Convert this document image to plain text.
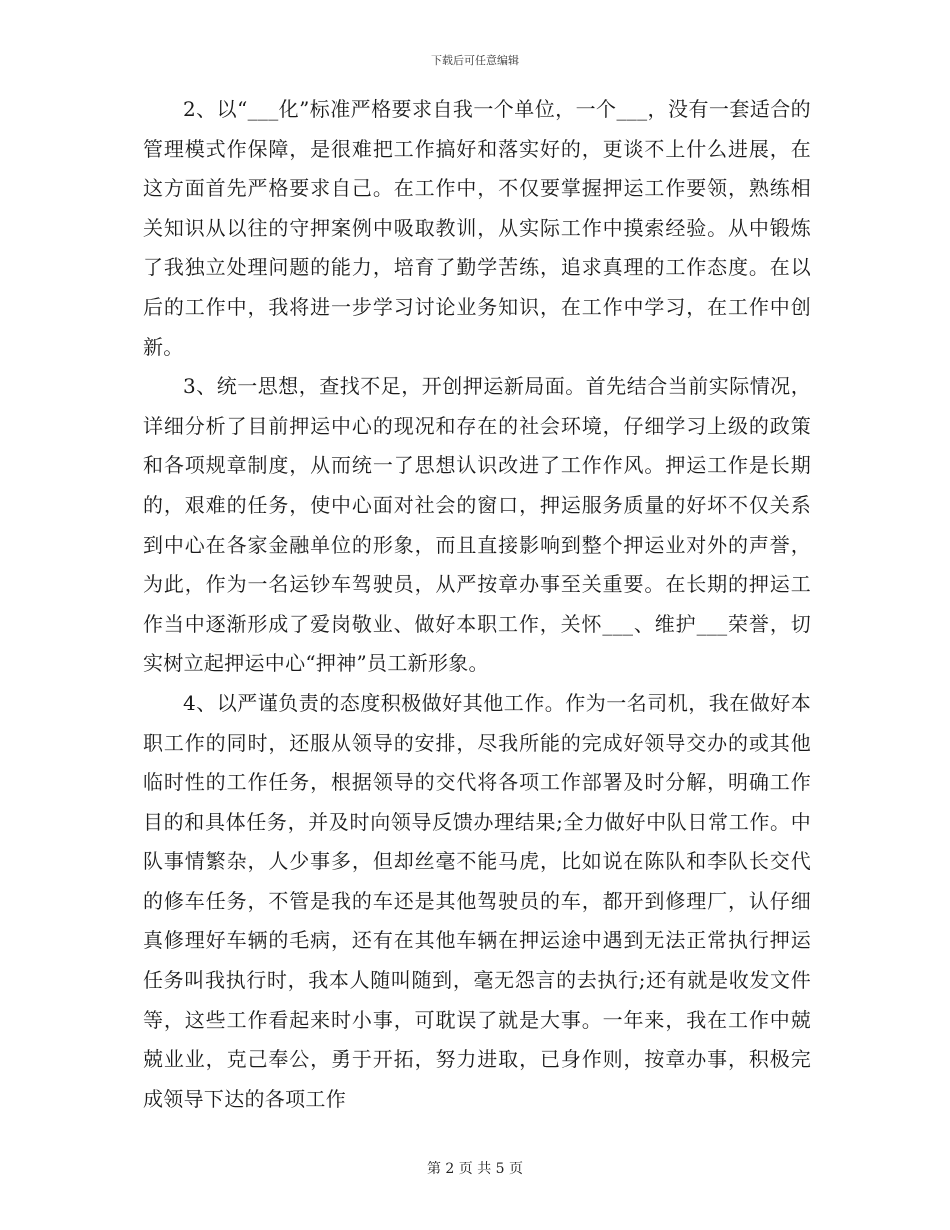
下载后可任意编辑

2、以“___化”标准严格要求自我一个单位，一个___，没有一套适合的管理模式作保障，是很难把工作搞好和落实好的，更谈不上什么进展，在这方面首先严格要求自己。在工作中，不仅要掌握押运工作要领，熟练相关知识从以往的守押案例中吸取教训，从实际工作中摸索经验。从中锻炼了我独立处理问题的能力，培育了勤学苦练，追求真理的工作态度。在以后的工作中，我将进一步学习讨论业务知识，在工作中学习，在工作中创新。

3、统一思想，查找不足，开创押运新局面。首先结合当前实际情况，详细分析了目前押运中心的现况和存在的社会环境，仔细学习上级的政策和各项规章制度，从而统一了思想认识改进了工作作风。押运工作是长期的，艰难的任务，使中心面对社会的窗口，押运服务质量的好坏不仅关系到中心在各家金融单位的形象，而且直接影响到整个押运业对外的声誉，为此，作为一名运钞车驾驶员，从严按章办事至关重要。在长期的押运工作当中逐渐形成了爱岗敬业、做好本职工作，关怀___、维护___荣誉，切实树立起押运中心“押神”员工新形象。

4、以严谨负责的态度积极做好其他工作。作为一名司机，我在做好本职工作的同时，还服从领导的安排，尽我所能的完成好领导交办的或其他临时性的工作任务，根据领导的交代将各项工作部署及时分解，明确工作目的和具体任务，并及时向领导反馈办理结果;全力做好中队日常工作。中队事情繁杂，人少事多，但却丝毫不能马虎，比如说在陈队和李队长交代的修车任务，不管是我的车还是其他驾驶员的车，都开到修理厂，认仔细真修理好车辆的毛病，还有在其他车辆在押运途中遇到无法正常执行押运任务叫我执行时，我本人随叫随到，毫无怨言的去执行;还有就是收发文件等，这些工作看起来时小事，可耽误了就是大事。一年来，我在工作中兢兢业业，克己奉公，勇于开拓，努力进取，已身作则，按章办事，积极完成领导下达的各项工作

第 2 页 共 5 页
